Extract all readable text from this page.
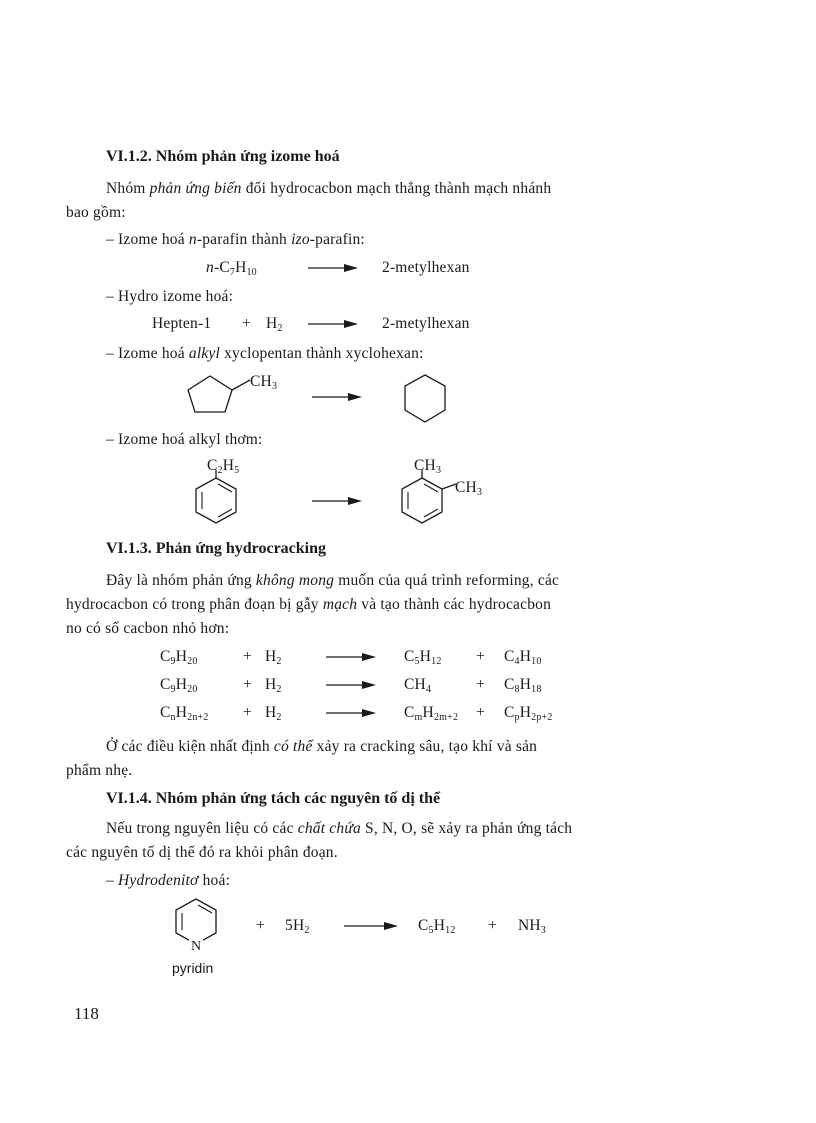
VI.1.2. Nhóm phản ứng izome hoá
Nhóm phản ứng biến đổi hydrocacbon mạch thẳng thành mạch nhánh
bao gồm:
– Izome hoá n-parafin thành izo-parafin:
$n-C_7H_{10}$	2-metylhexan
– Hydro izome hoá:
Hepten-1 + $H_2$	2-metylhexan
– Izome hoá alkyl xyclopentan thành xyclohexan:
$CH_3$
– Izome hoá alkyl thơm:
$C_2H_5$	$CH_3$
$CH_3$
VI.1.3. Phản ứng hydrocracking
Đây là nhóm phản ứng không mong muốn của quá trình reforming, các
hydrocacbon có trong phân đoạn bị gẫy mạch và tạo thành các hydrocacbon
no có số cacbon nhỏ hơn:
$C_9H_{20}$	+ $H_2$	$C_5H_{12} + C_4H_{10}$
$C_9H_{20}$	+ $H_2$	$CH_4$	+ $C_8H_{18}$
$C_nH_{2n+2} + H_2$	$C_mH_{2m+2} + C_pH_{2p+2}$
Ở các điều kiện nhất định có thể xảy ra cracking sâu, tạo khí và sản
phẩm nhẹ.
VI.1.4. Nhóm phản ứng tách các nguyên tố dị thể
Nếu trong nguyên liệu có các chất chứa S, N, O, sẽ xảy ra phản ứng tách
các nguyên tố dị thể đó ra khỏi phân đoạn.
– Hydrodenitơ hoá:
N
pyridin
+ $5H_2$	$C_5H_{12} + NH_3$
118
